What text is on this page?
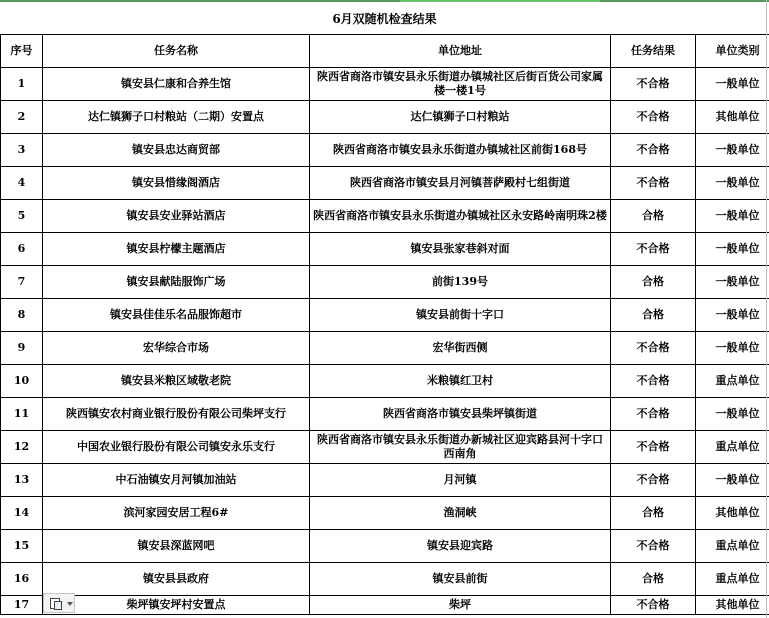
6月双随机检查结果
序号	任务名称	单位地址	任务结果	单位类别
1	镇安县仁康和合养生馆	陕西省商洛市镇安县永乐街道办镇城社区后街百货公司家属楼一楼1号	不合格	一般单位
2	达仁镇狮子口村粮站（二期）安置点	达仁镇狮子口村粮站	不合格	其他单位
3	镇安县忠达商贸部	陕西省商洛市镇安县永乐街道办镇城社区前街168号	不合格	一般单位
4	镇安县惜缘阁酒店	陕西省商洛市镇安县月河镇菩萨殿村七组街道	不合格	一般单位
5	镇安县安业驿站酒店	陕西省商洛市镇安县永乐街道办镇城社区永安路岭南明珠2楼	合格	一般单位
6	镇安县柠檬主题酒店	镇安县张家巷斜对面	不合格	一般单位
7	镇安县献陆服饰广场	前街139号	合格	一般单位
8	镇安县佳佳乐名品服饰超市	镇安县前街十字口	合格	一般单位
9	宏华综合市场	宏华街西侧	不合格	一般单位
10	镇安县米粮区域敬老院	米粮镇红卫村	不合格	重点单位
11	陕西镇安农村商业银行股份有限公司柴坪支行	陕西省商洛市镇安县柴坪镇街道	不合格	一般单位
12	中国农业银行股份有限公司镇安永乐支行	陕西省商洛市镇安县永乐街道办新城社区迎宾路县河十字口西南角	不合格	重点单位
13	中石油镇安月河镇加油站	月河镇	不合格	一般单位
14	滨河家园安居工程6#	渔洞峡	合格	其他单位
15	镇安县深蓝网吧	镇安县迎宾路	不合格	重点单位
16	镇安县县政府	镇安县前街	合格	重点单位
17	柴坪镇安坪村安置点	柴坪	不合格	其他单位
